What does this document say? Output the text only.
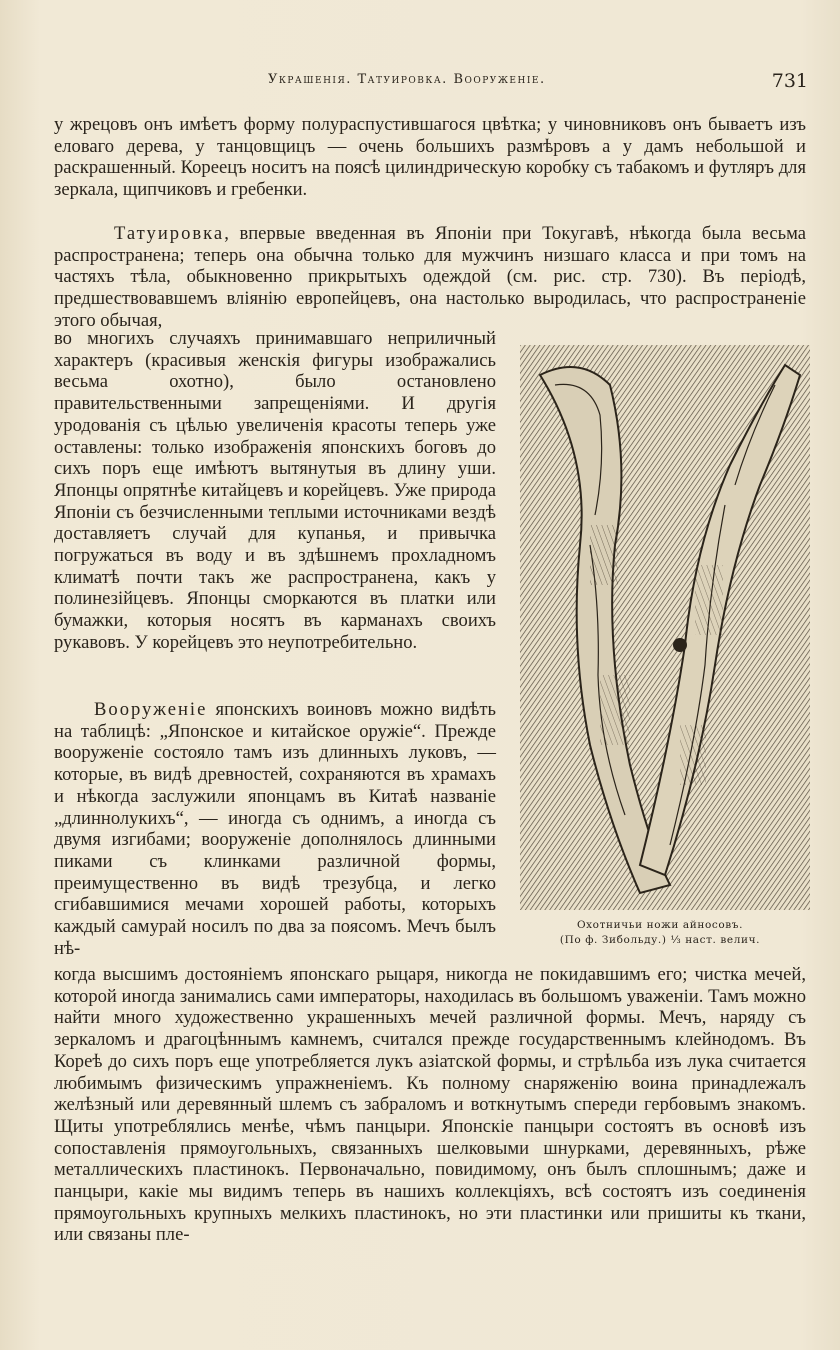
Украшенія. Татуировка. Вооруженіе.	731

у жрецовъ онъ имѣетъ форму полураспустившагося цвѣтка; у чиновниковъ онъ бываетъ изъ еловаго дерева, у танцовщицъ — очень большихъ размѣровъ а у дамъ небольшой и раскрашенный. Кореецъ носитъ на поясѣ цилиндрическую коробку съ табакомъ и футляръ для зеркала, щипчиковъ и гребенки.

Татуировка, впервые введенная въ Японіи при Токугавѣ, нѣкогда была весьма распространена; теперь она обычна только для мужчинъ низшаго класса и при томъ на частяхъ тѣла, обыкновенно прикрытыхъ одеждой (см. рис. стр. 730). Въ періодѣ, предшествовавшемъ вліянію европейцевъ, она настолько выродилась, что распространеніе этого обычая,

во многихъ случаяхъ принимавшаго неприличный характеръ (красивыя женскія фигуры изображались весьма охотно), было остановлено правительственными запрещеніями. И другія уродованія съ цѣлью увеличенія красоты теперь уже оставлены: только изображенія японскихъ боговъ до сихъ поръ еще имѣютъ вытянутыя въ длину уши. Японцы опрятнѣе китайцевъ и корейцевъ. Уже природа Японіи съ безчисленными теплыми источниками вездѣ доставляетъ случай для купанья, и привычка погружаться въ воду и въ здѣшнемъ прохладномъ климатѣ почти такъ же распространена, какъ у полинезійцевъ. Японцы сморкаются въ платки или бумажки, которыя носятъ въ карманахъ своихъ рукавовъ. У корейцевъ это неупотребительно.

Вооруженіе японскихъ воиновъ можно видѣть на таблицѣ: „Японское и китайское оружіе“. Прежде вооруженіе состояло тамъ изъ длинныхъ луковъ, — которые, въ видѣ древностей, сохраняются въ храмахъ и нѣкогда заслужили японцамъ въ Китаѣ названіе „длиннолукихъ“, — иногда съ однимъ, а иногда съ двумя изгибами; вооруженіе дополнялось длинными пиками съ клинками различной формы, преимущественно въ видѣ трезубца, и легко сгибавшимися мечами хорошей работы, которыхъ каждый самурай носилъ по два за поясомъ. Мечъ былъ нѣ-

когда высшимъ достояніемъ японскаго рыцаря, никогда не покидавшимъ его; чистка мечей, которой иногда занимались сами императоры, находилась въ большомъ уваженіи. Тамъ можно найти много художественно украшенныхъ мечей различной формы. Мечъ, наряду съ зеркаломъ и драгоцѣннымъ камнемъ, считался прежде государственнымъ клейнодомъ. Въ Кореѣ до сихъ поръ еще употребляется лукъ азіатской формы, и стрѣльба изъ лука считается любимымъ физическимъ упражненіемъ. Къ полному снаряженію воина принадлежалъ желѣзный или деревянный шлемъ съ забраломъ и воткнутымъ спереди гербовымъ знакомъ. Щиты употреблялись менѣе, чѣмъ панцыри. Японскіе панцыри состоятъ въ основѣ изъ сопоставленія прямоугольныхъ, связанныхъ шелковыми шнурками, деревянныхъ, рѣже металлическихъ пластинокъ. Первоначально, повидимому, онъ былъ сплошнымъ; даже и панцыри, какіе мы видимъ теперь въ нашихъ коллекціяхъ, всѣ состоятъ изъ соединенія прямоугольныхъ крупныхъ мелкихъ пластинокъ, но эти пластинки или пришиты къ ткани, или связаны пле-

Охотничьи ножи айносовъ.
(По ф. Зибольду.) ⅓ наст. велич.
